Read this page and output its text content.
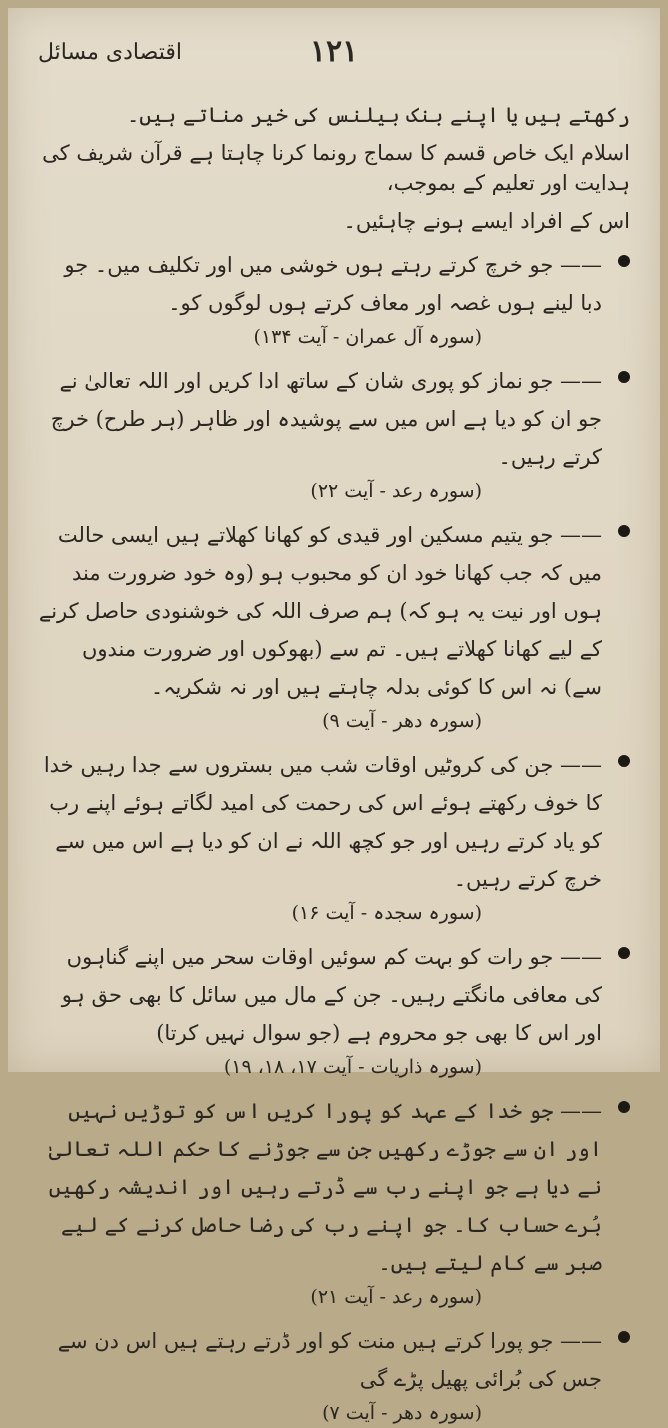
١٢١
اقتصادی مسائل
رکھتے ہیں یا اپنے بنک بیلنس کی خیر مناتے ہیں۔
اسلام ایک خاص قسم کا سماج رونما کرنا چاہتا ہے قرآن شریف کی ہدایت اور تعلیم کے بموجب،
اس کے افراد ایسے ہونے چاہئیں۔
—— جو خرچ کرتے رہتے ہوں خوشی میں اور تکلیف میں۔ جو دبا لینے ہوں غصہ اور معاف کرتے ہوں لوگوں کو۔
(سورہ آل عمران - آیت ۱۳۴)
—— جو نماز کو پوری شان کے ساتھ ادا کریں اور اللہ تعالیٰ نے جو ان کو دیا ہے اس میں سے پوشیدہ اور ظاہر (ہر طرح) خرچ کرتے رہیں۔
(سورہ رعد - آیت ۲۲)
—— جو یتیم مسکین اور قیدی کو کھانا کھلاتے ہیں ایسی حالت میں کہ جب کھانا خود ان کو محبوب ہو (وہ خود ضرورت مند ہوں اور نیت یہ ہو کہ) ہم صرف اللہ کی خوشنودی حاصل کرنے کے لیے کھانا کھلاتے ہیں۔ تم سے (بھوکوں اور ضرورت مندوں سے) نہ اس کا کوئی بدلہ چاہتے ہیں اور نہ شکریہ۔
(سورہ دھر - آیت ۹)
—— جن کی کروٹیں اوقات شب میں بستروں سے جدا رہیں خدا کا خوف رکھتے ہوئے اس کی رحمت کی امید لگاتے ہوئے اپنے رب کو یاد کرتے رہیں اور جو کچھ اللہ نے ان کو دیا ہے اس میں سے خرچ کرتے رہیں۔
(سورہ سجدہ - آیت ۱۶)
—— جو رات کو بہت کم سوئیں اوقات سحر میں اپنے گناہوں کی معافی مانگتے رہیں۔ جن کے مال میں سائل کا بھی حق ہو اور اس کا بھی جو محروم ہے (جو سوال نہیں کرتا)
(سورہ ذاریات - آیت ۱۷، ۱۸، ۱۹)
—— جو خدا کے عہد کو پورا کریں اس کو توڑیں نہیں اور ان سے جوڑے رکھیں جن سے جوڑنے کا حکم اللہ تعالیٰ نے دیا ہے جو اپنے رب سے ڈرتے رہیں اور اندیشہ رکھیں بُرے حساب کا۔ جو اپنے رب کی رضا حاصل کرنے کے لیے صبر سے کام لیتے ہیں۔
(سورہ رعد - آیت ۲۱)
—— جو پورا کرتے ہیں منت کو اور ڈرتے رہتے ہیں اس دن سے جس کی بُرائی پھیل پڑے گی
(سورہ دھر - آیت ۷)
